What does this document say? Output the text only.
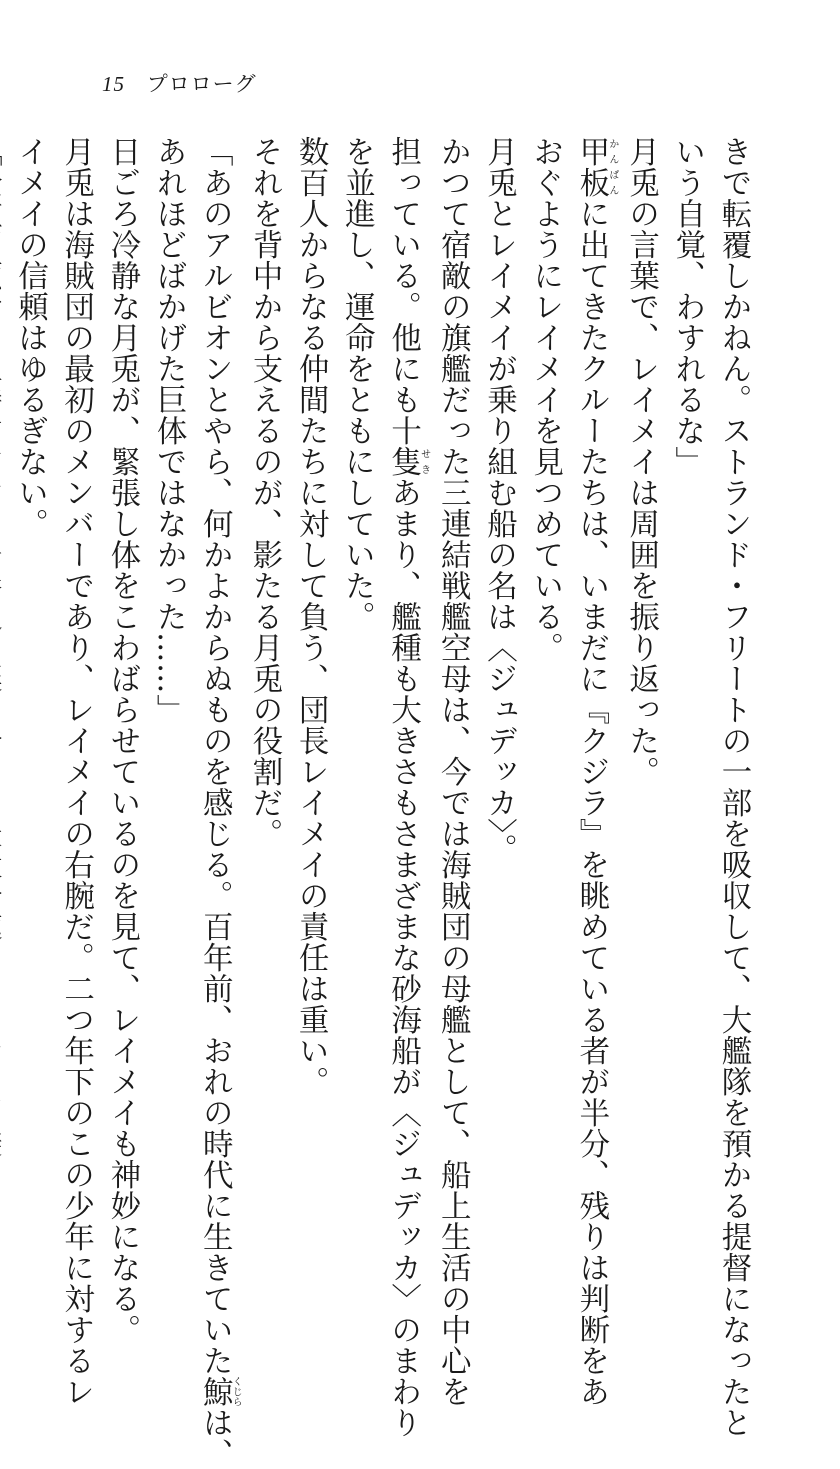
15 プロローグ
きで転覆しかねん。ストランド・フリートの一部を吸収して、大艦隊を預かる提督になったと
いう自覚、わすれるな」
月兎の言葉で、レイメイは周囲を振り返った。
甲板かんぱんに出てきたクルーたちは、いまだに『クジラ』を眺めている者が半分、残りは判断をあ
おぐようにレイメイを見つめている。
月兎とレイメイが乗り組む船の名は〈ジュデッカ〉。
かつて宿敵の旗艦だった三連結戦艦空母は、今では海賊団の母艦として、船上生活の中心を
担っている。他にも十隻せきあまり、艦種も大きさもさまざまな砂海船が〈ジュデッカ〉のまわり
を並進し、運命をともにしていた。
数百人からなる仲間たちに対して負う、団長レイメイの責任は重い。
それを背中から支えるのが、影たる月兎の役割だ。
「あのアルビオンとやら、何かよからぬものを感じる。百年前、おれの時代に生きていた鯨くじらは、
あれほどばかげた巨体ではなかった……」
日ごろ冷静な月兎が、緊張し体をこわばらせているのを見て、レイメイも神妙になる。
月兎は海賊団の最初のメンバーであり、レイメイの右腕だ。二つ年下のこの少年に対するレ
イメイの信頼はゆるぎない。
